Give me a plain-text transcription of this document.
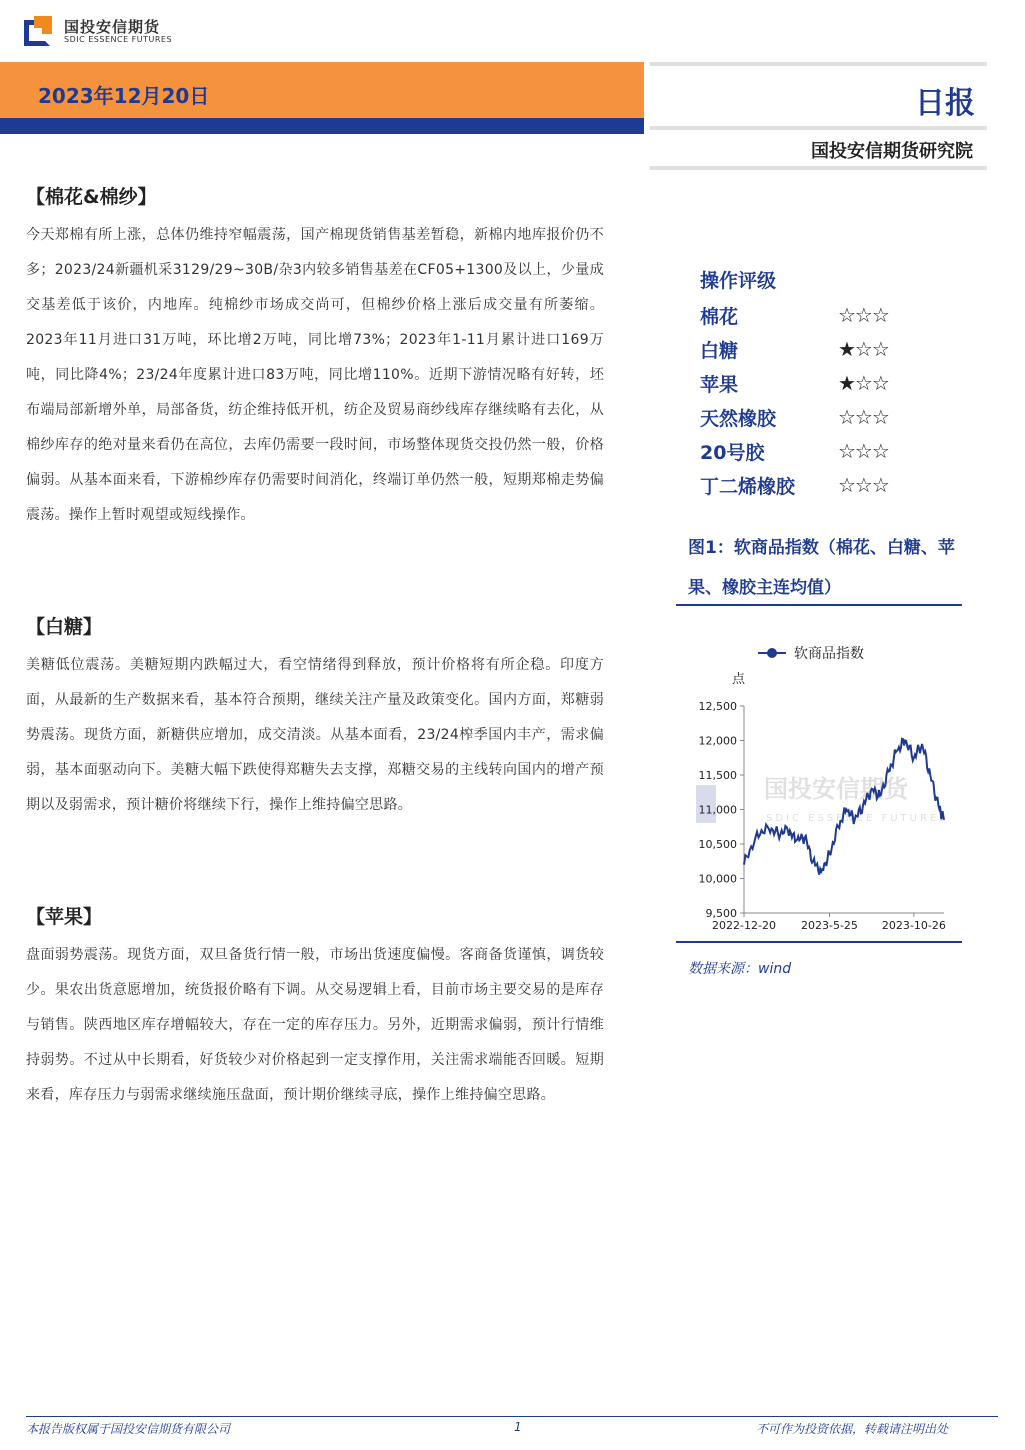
国投安信期货
SDIC ESSENCE FUTURES
2023年12月20日	日报
国投安信期货研究院
【棉花&棉纱】
今天郑棉有所上涨，总体仍维持窄幅震荡，国产棉现货销售基差暂稳，新棉内地库报价仍不多；2023/24新疆机采3129/29~30B/杂3内较多销售基差在CF05+1300及以上，少量成交基差低于该价，内地库。纯棉纱市场成交尚可，但棉纱价格上涨后成交量有所萎缩。2023年11月进口31万吨，环比增2万吨，同比增73%；2023年1-11月累计进口169万吨，同比降4%；23/24年度累计进口83万吨，同比增110%。近期下游情况略有好转，坯布端局部新增外单，局部备货，纺企维持低开机，纺企及贸易商纱线库存继续略有去化，从棉纱库存的绝对量来看仍在高位，去库仍需要一段时间，市场整体现货交投仍然一般，价格偏弱。从基本面来看，下游棉纱库存仍需要时间消化，终端订单仍然一般，短期郑棉走势偏震荡。操作上暂时观望或短线操作。
【白糖】
美糖低位震荡。美糖短期内跌幅过大，看空情绪得到释放，预计价格将有所企稳。印度方面，从最新的生产数据来看，基本符合预期，继续关注产量及政策变化。国内方面，郑糖弱势震荡。现货方面，新糖供应增加，成交清淡。从基本面看，23/24榨季国内丰产，需求偏弱，基本面驱动向下。美糖大幅下跌使得郑糖失去支撑，郑糖交易的主线转向国内的增产预期以及弱需求，预计糖价将继续下行，操作上维持偏空思路。
【苹果】
盘面弱势震荡。现货方面，双旦备货行情一般，市场出货速度偏慢。客商备货谨慎，调货较少。果农出货意愿增加，统货报价略有下调。从交易逻辑上看，目前市场主要交易的是库存与销售。陕西地区库存增幅较大，存在一定的库存压力。另外，近期需求偏弱，预计行情维持弱势。不过从中长期看，好货较少对价格起到一定支撑作用，关注需求端能否回暖。短期来看，库存压力与弱需求继续施压盘面，预计期价继续寻底，操作上维持偏空思路。
操作评级
棉花	☆☆☆
白糖	★☆☆
苹果	★☆☆
天然橡胶	☆☆☆
20号胶	☆☆☆
丁二烯橡胶	☆☆☆
图1：软商品指数（棉花、白糖、苹果、橡胶主连均值）
软商品指数
点
国投安信期货
SDIC ESSENCE FUTURES
12,500
12,000
11,500
11,000
10,500
10,000
9,500
2022-12-20 2023-5-25 2023-10-26
数据来源：wind
本报告版权属于国投安信期货有限公司	1	不可作为投资依据，转载请注明出处
